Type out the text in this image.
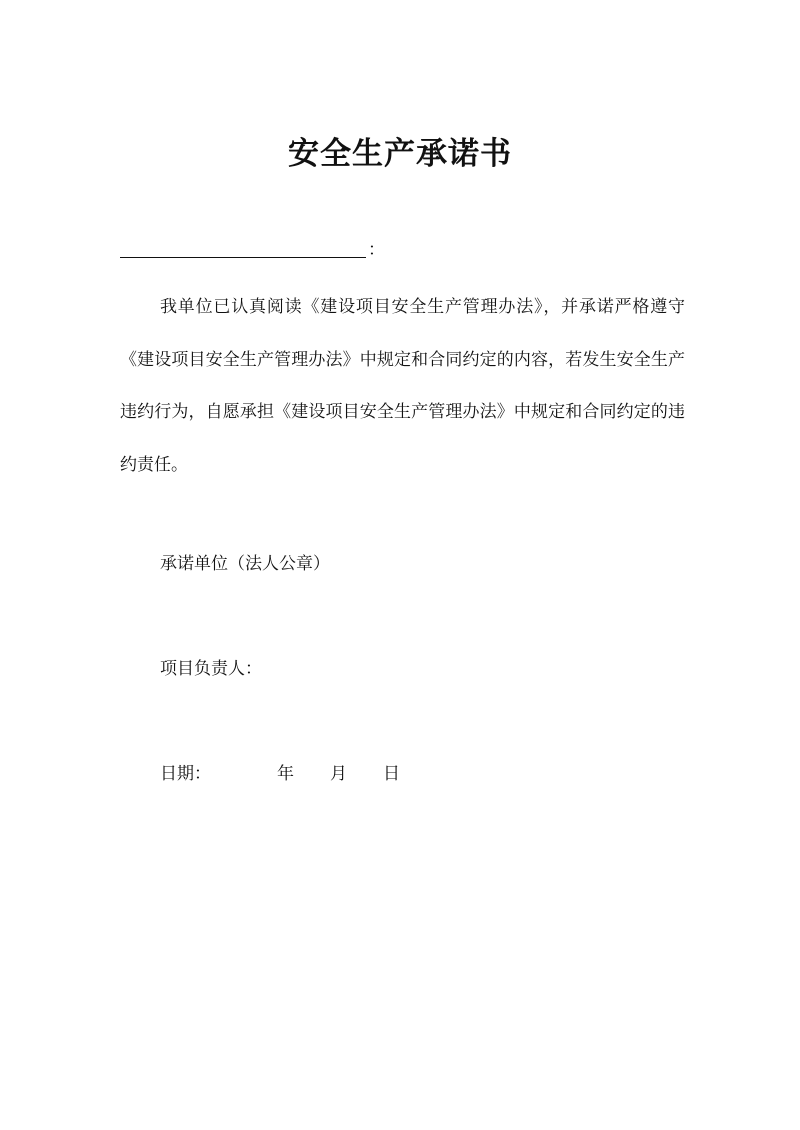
安全生产承诺书
：

我单位已认真阅读《建设项目安全生产管理办法》，并承诺严格遵守《建设项目安全生产管理办法》中规定和合同约定的内容，若发生安全生产违约行为，自愿承担《建设项目安全生产管理办法》中规定和合同约定的违约责任。

承诺单位（法人公章）
项目负责人：
日期：	年 月 日
